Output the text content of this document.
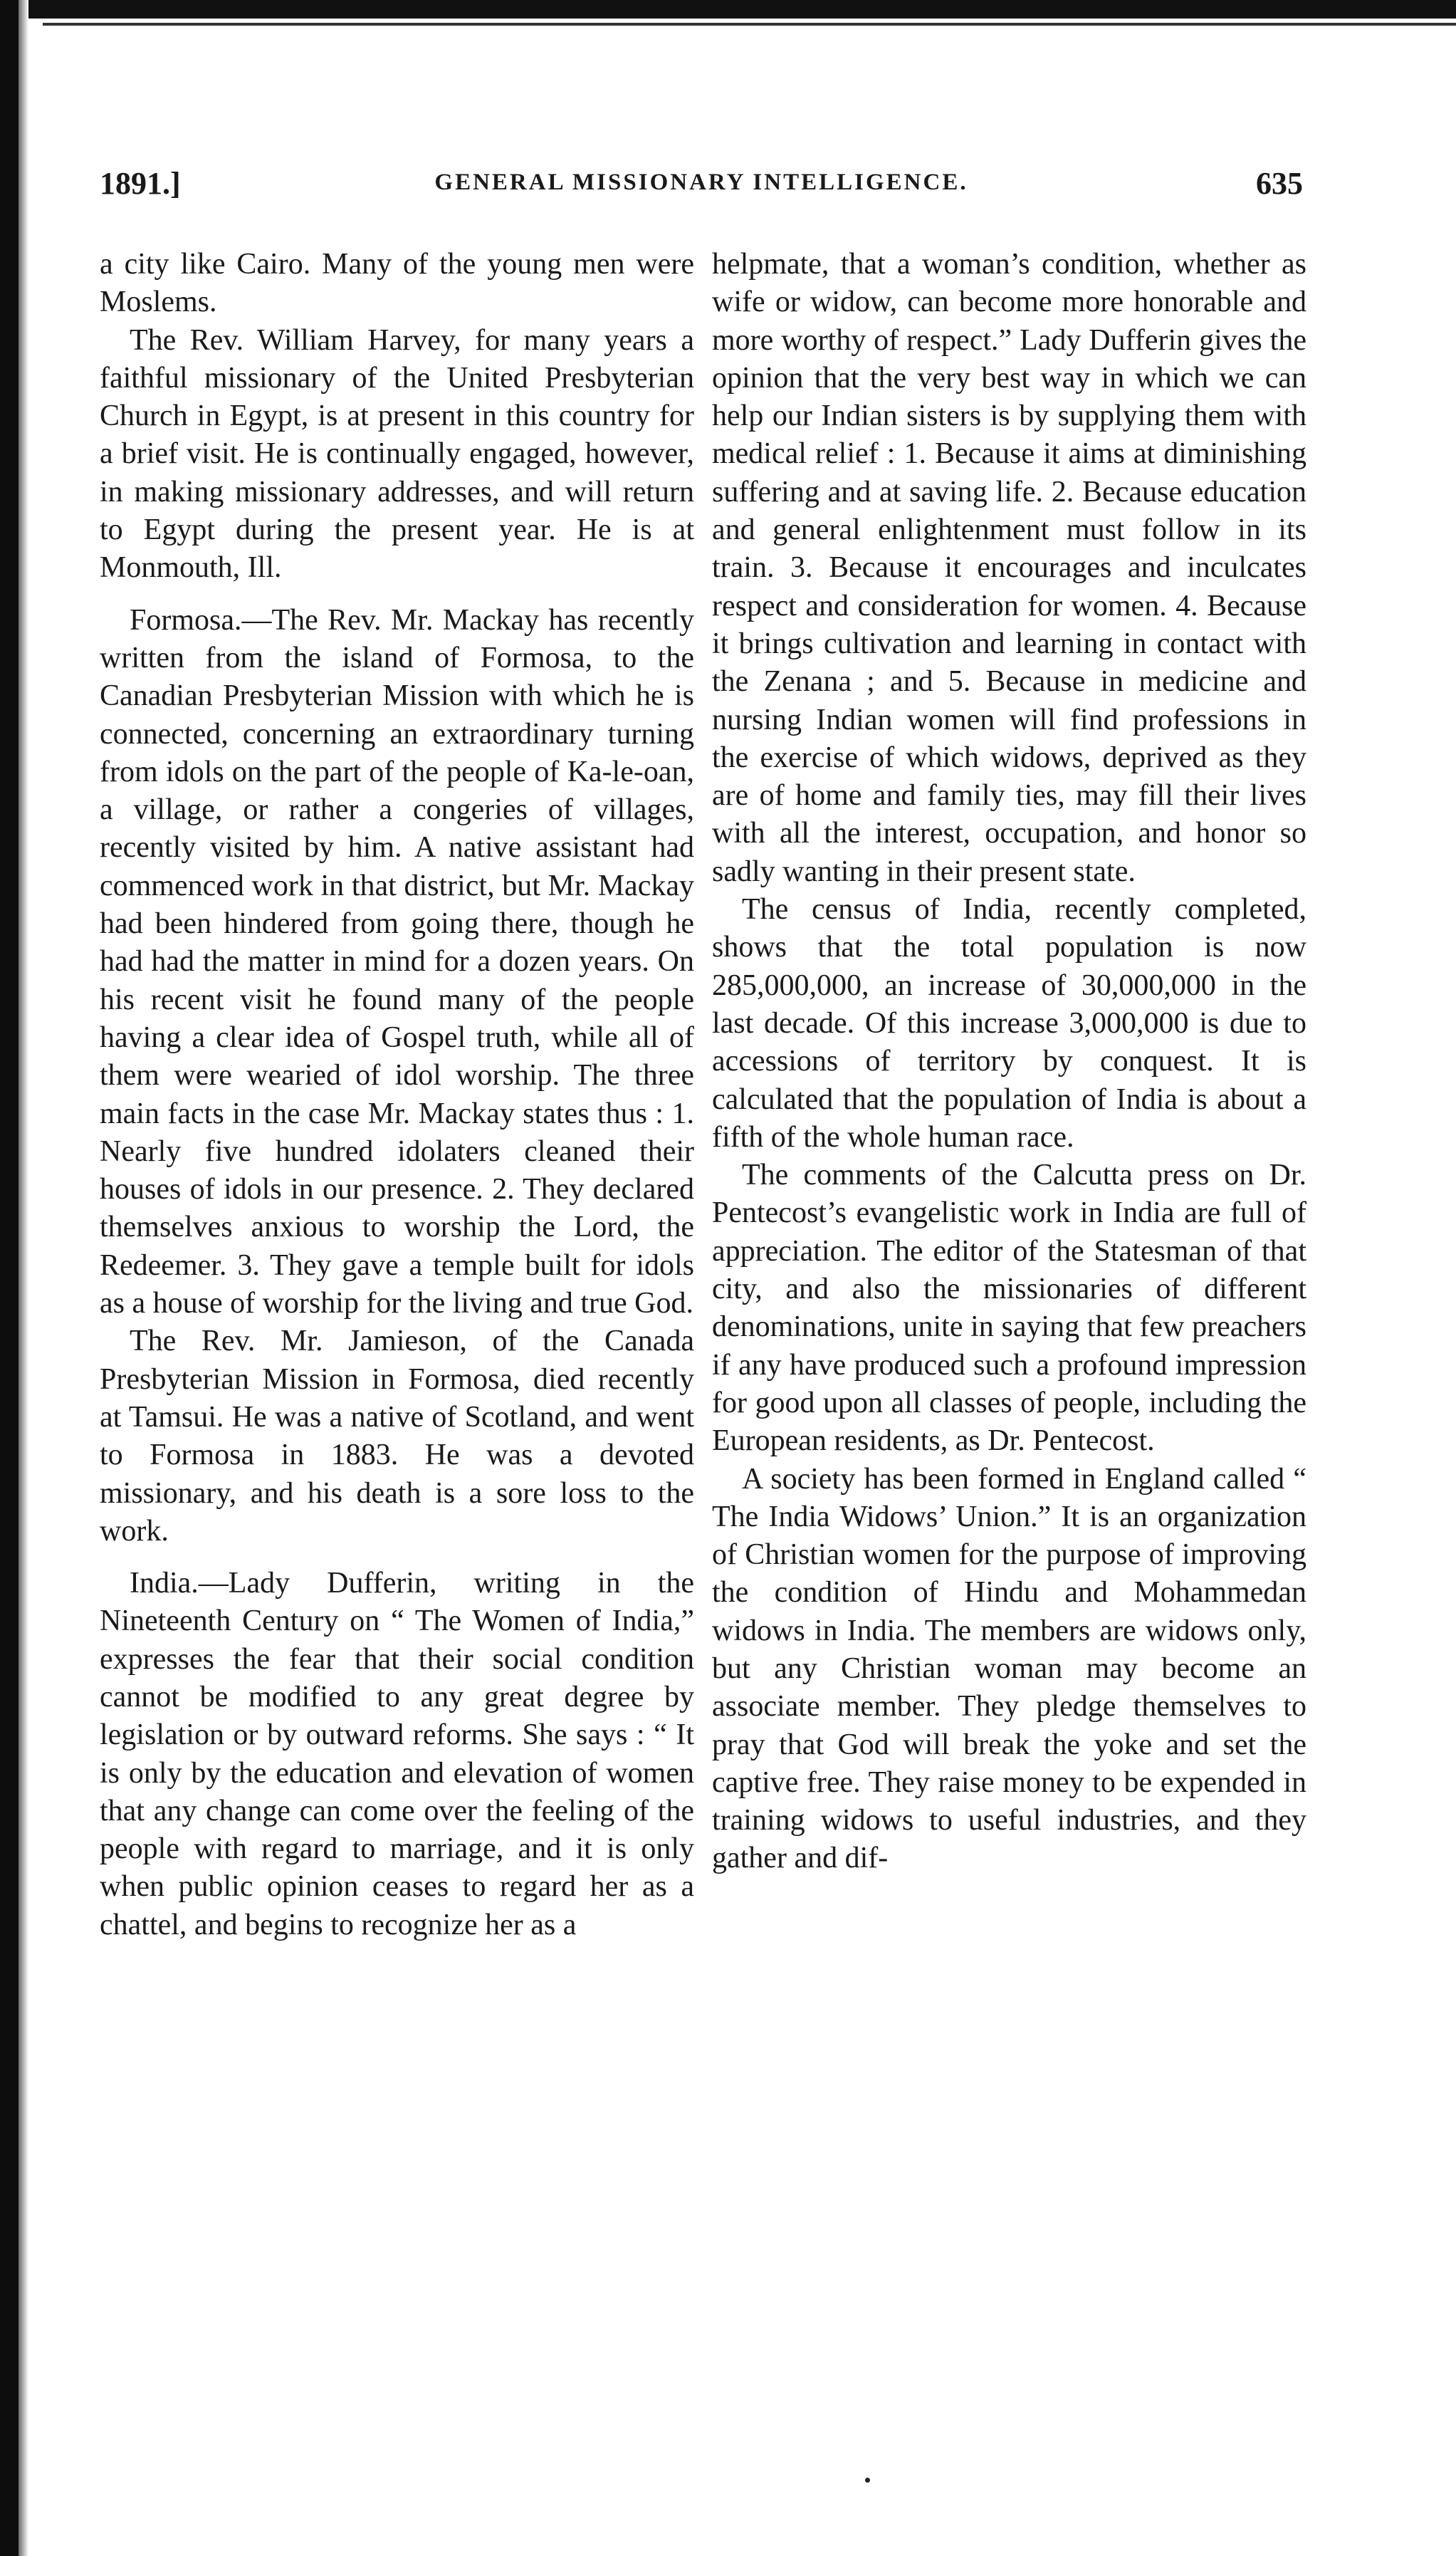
1891.]	GENERAL MISSIONARY INTELLIGENCE.	635

a city like Cairo. Many of the young men were Moslems.

The Rev. William Harvey, for many years a faithful missionary of the United Presbyterian Church in Egypt, is at present in this country for a brief visit. He is continually engaged, however, in making missionary addresses, and will return to Egypt during the present year. He is at Monmouth, Ill.

Formosa.—The Rev. Mr. Mackay has recently written from the island of Formosa, to the Canadian Presbyterian Mission with which he is connected, concerning an extraordinary turning from idols on the part of the people of Ka-le-oan, a village, or rather a congeries of villages, recently visited by him. A native assistant had commenced work in that district, but Mr. Mackay had been hindered from going there, though he had had the matter in mind for a dozen years. On his recent visit he found many of the people having a clear idea of Gospel truth, while all of them were wearied of idol worship. The three main facts in the case Mr. Mackay states thus : 1. Nearly five hundred idolaters cleaned their houses of idols in our presence. 2. They declared themselves anxious to worship the Lord, the Redeemer. 3. They gave a temple built for idols as a house of worship for the living and true God.

The Rev. Mr. Jamieson, of the Canada Presbyterian Mission in Formosa, died recently at Tamsui. He was a native of Scotland, and went to Formosa in 1883. He was a devoted missionary, and his death is a sore loss to the work.

India.—Lady Dufferin, writing in the Nineteenth Century on “ The Women of India,” expresses the fear that their social condition cannot be modified to any great degree by legislation or by outward reforms. She says : “ It is only by the education and elevation of women that any change can come over the feeling of the people with regard to marriage, and it is only when public opinion ceases to regard her as a chattel, and begins to recognize her as a

helpmate, that a woman’s condition, whether as wife or widow, can become more honorable and more worthy of respect.” Lady Dufferin gives the opinion that the very best way in which we can help our Indian sisters is by supplying them with medical relief : 1. Because it aims at diminishing suffering and at saving life. 2. Because education and general enlightenment must follow in its train. 3. Because it encourages and inculcates respect and consideration for women. 4. Because it brings cultivation and learning in contact with the Zenana ; and 5. Because in medicine and nursing Indian women will find professions in the exercise of which widows, deprived as they are of home and family ties, may fill their lives with all the interest, occupation, and honor so sadly wanting in their present state.

The census of India, recently completed, shows that the total population is now 285,000,000, an increase of 30,000,000 in the last decade. Of this increase 3,000,000 is due to accessions of territory by conquest. It is calculated that the population of India is about a fifth of the whole human race.

The comments of the Calcutta press on Dr. Pentecost’s evangelistic work in India are full of appreciation. The editor of the Statesman of that city, and also the missionaries of different denominations, unite in saying that few preachers if any have produced such a profound impression for good upon all classes of people, including the European residents, as Dr. Pentecost.

A society has been formed in England called “ The India Widows’ Union.” It is an organization of Christian women for the purpose of improving the condition of Hindu and Mohammedan widows in India. The members are widows only, but any Christian woman may become an associate member. They pledge themselves to pray that God will break the yoke and set the captive free. They raise money to be expended in training widows to useful industries, and they gather and dif-
